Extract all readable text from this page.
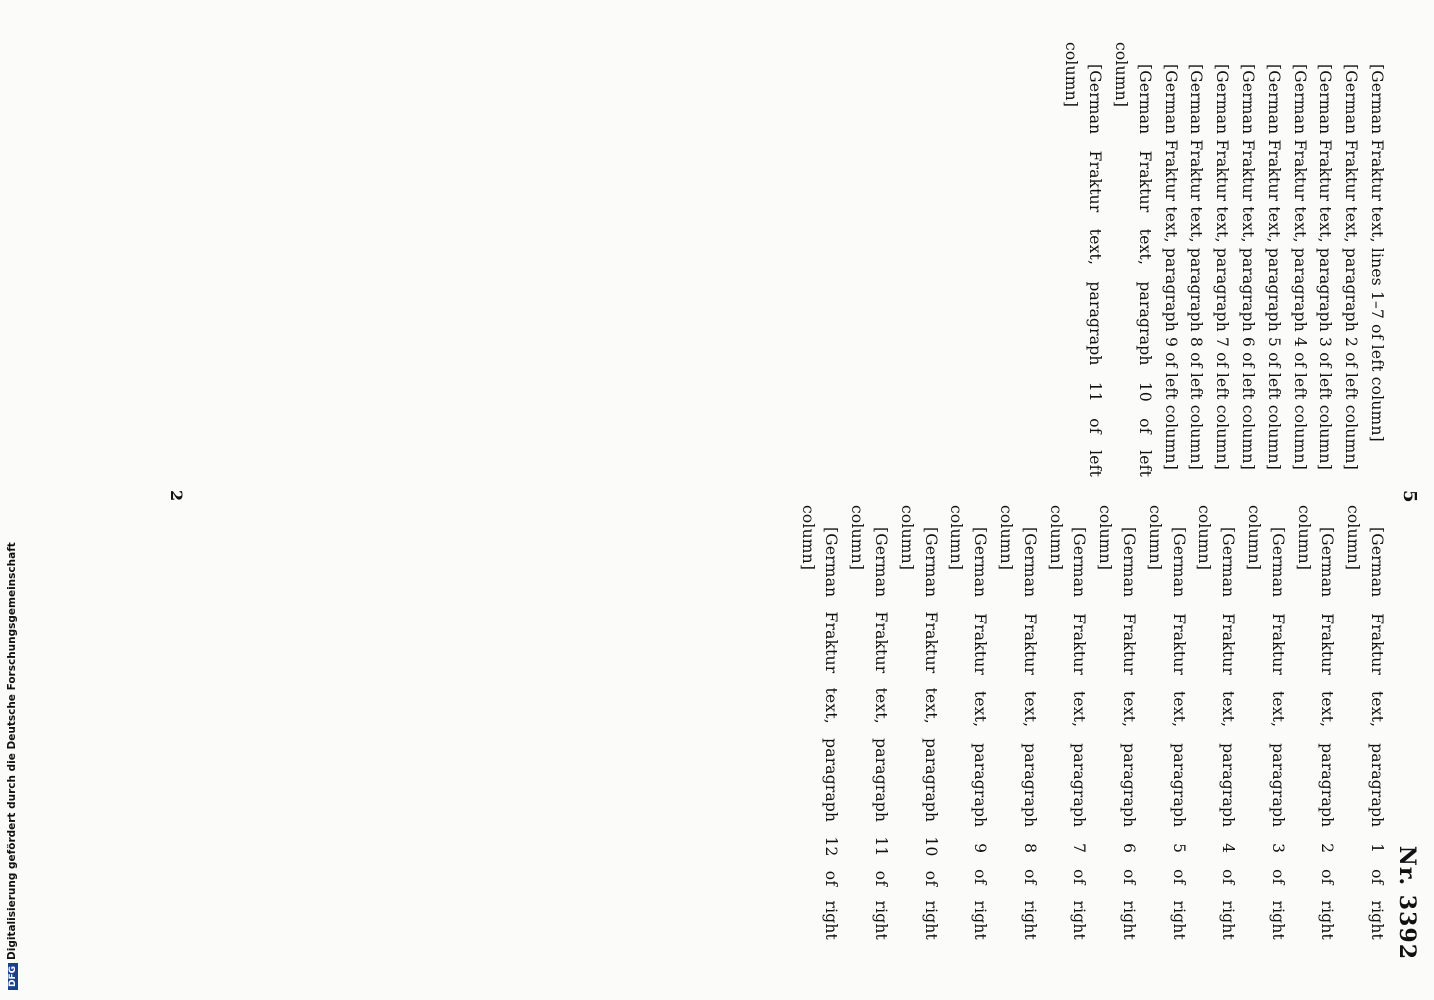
DFGDigitalisierung gefördert durch die Deutsche Forschungsgemeinschaft	Nr. 3392
5

[German Fraktur text, lines 1–7 of left column]

[German Fraktur text, paragraph 2 of left column]

[German Fraktur text, paragraph 3 of left column]

[German Fraktur text, paragraph 4 of left column]

[German Fraktur text, paragraph 5 of left column]

[German Fraktur text, paragraph 6 of left column]

[German Fraktur text, paragraph 7 of left column]

[German Fraktur text, paragraph 8 of left column]

[German Fraktur text, paragraph 9 of left column]

[German Fraktur text, paragraph 10 of left column]

[German Fraktur text, paragraph 11 of left column]

[German Fraktur text, paragraph 1 of right column]

[German Fraktur text, paragraph 2 of right column]

[German Fraktur text, paragraph 3 of right column]

[German Fraktur text, paragraph 4 of right column]

[German Fraktur text, paragraph 5 of right column]

[German Fraktur text, paragraph 6 of right column]

[German Fraktur text, paragraph 7 of right column]

[German Fraktur text, paragraph 8 of right column]

[German Fraktur text, paragraph 9 of right column]

[German Fraktur text, paragraph 10 of right column]

[German Fraktur text, paragraph 11 of right column]

[German Fraktur text, paragraph 12 of right column]

2
